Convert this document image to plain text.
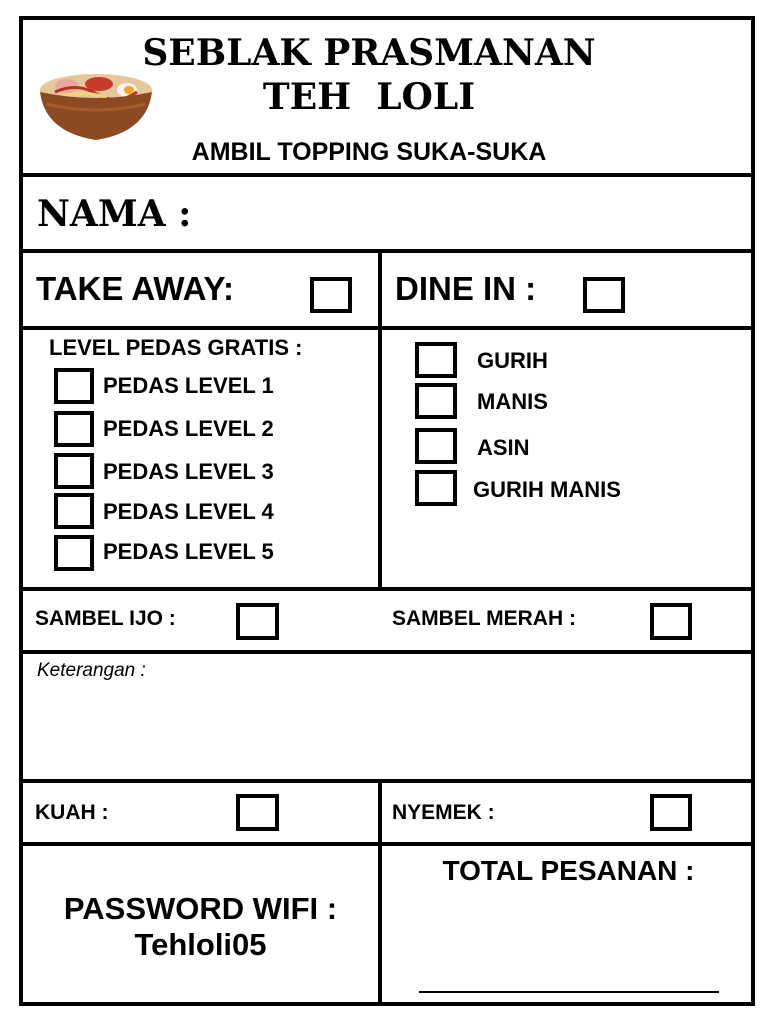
SEBLAK PRASMANAN
TEH  LOLI
AMBIL TOPPING SUKA-SUKA
NAMA :
TAKE AWAY:	DINE IN :
LEVEL PEDAS GRATIS :
PEDAS LEVEL 1
PEDAS LEVEL 2
PEDAS LEVEL 3
PEDAS LEVEL 4
PEDAS LEVEL 5
GURIH
MANIS
ASIN
GURIH MANIS
SAMBEL IJO :	SAMBEL MERAH :
Keterangan :
KUAH :	NYEMEK :
PASSWORD WIFI :
Tehloli05
TOTAL PESANAN :
